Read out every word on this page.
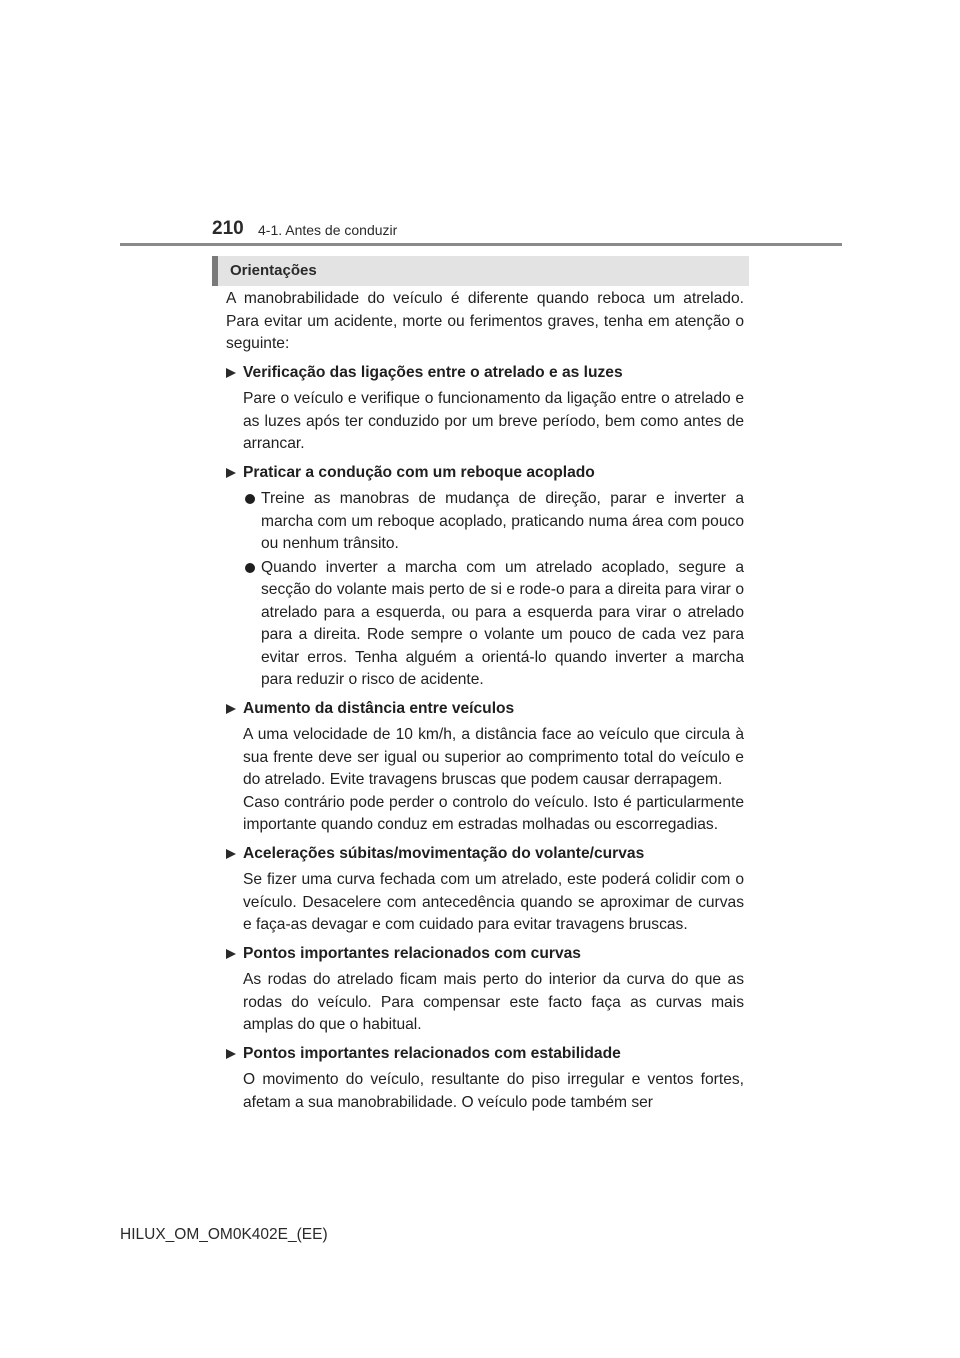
210 4-1. Antes de conduzir
Orientações

A manobrabilidade do veículo é diferente quando reboca um atrelado. Para evitar um acidente, morte ou ferimentos graves, tenha em atenção o seguinte:

Verificação das ligações entre o atrelado e as luzes

Pare o veículo e verifique o funcionamento da ligação entre o atrelado e as luzes após ter conduzido por um breve período, bem como antes de arrancar.

Praticar a condução com um reboque acoplado

Treine as manobras de mudança de direção, parar e inverter a marcha com um reboque acoplado, praticando numa área com pouco ou nenhum trânsito.

Quando inverter a marcha com um atrelado acoplado, segure a secção do volante mais perto de si e rode-o para a direita para virar o atrelado para a esquerda, ou para a esquerda para virar o atrelado para a direita. Rode sempre o volante um pouco de cada vez para evitar erros. Tenha alguém a orientá-lo quando inverter a marcha para reduzir o risco de acidente.

Aumento da distância entre veículos

A uma velocidade de 10 km/h, a distância face ao veículo que circula à sua frente deve ser igual ou superior ao comprimento total do veículo e do atrelado. Evite travagens bruscas que podem causar derrapagem.

Caso contrário pode perder o controlo do veículo. Isto é particularmente importante quando conduz em estradas molhadas ou escorregadias.

Acelerações súbitas/movimentação do volante/curvas

Se fizer uma curva fechada com um atrelado, este poderá colidir com o veículo. Desacelere com antecedência quando se aproximar de curvas e faça-as devagar e com cuidado para evitar travagens bruscas.

Pontos importantes relacionados com curvas

As rodas do atrelado ficam mais perto do interior da curva do que as rodas do veículo. Para compensar este facto faça as curvas mais amplas do que o habitual.

Pontos importantes relacionados com estabilidade

O movimento do veículo, resultante do piso irregular e ventos fortes, afetam a sua manobrabilidade. O veículo pode também ser

HILUX_OM_OM0K402E_(EE)
